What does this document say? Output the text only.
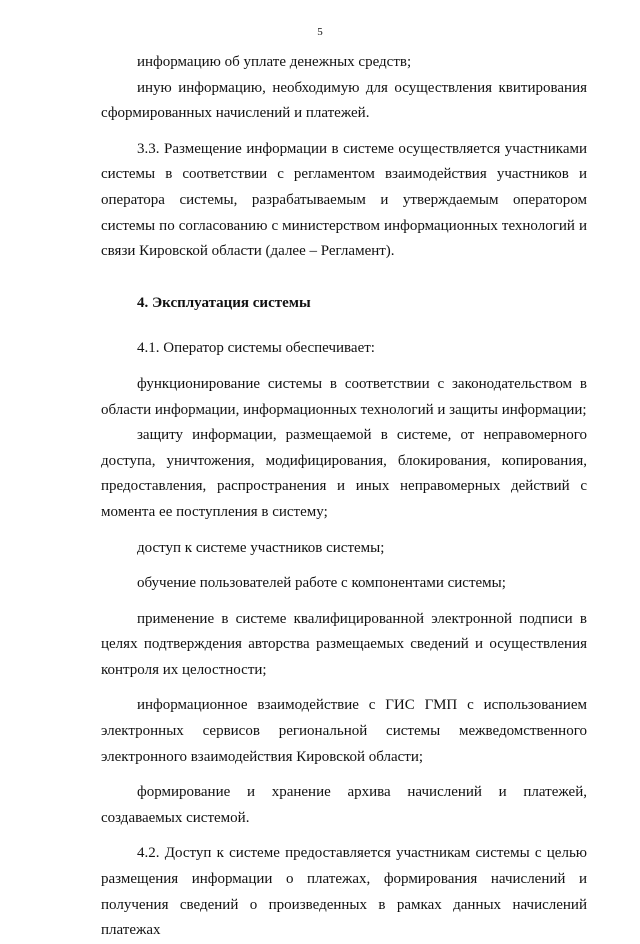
5

информацию об уплате денежных средств;

иную информацию, необходимую для осуществления квитирования сформированных начислений и платежей.

3.3. Размещение информации в системе осуществляется участниками системы в соответствии с регламентом взаимодействия участников и оператора системы, разрабатываемым и утверждаемым оператором системы по согласованию с министерством информационных технологий и связи Кировской области (далее – Регламент).

4. Эксплуатация системы

4.1. Оператор системы обеспечивает:

функционирование системы в соответствии с законодательством в области информации, информационных технологий и защиты информации;

защиту информации, размещаемой в системе, от неправомерного доступа, уничтожения, модифицирования, блокирования, копирования, предоставления, распространения и иных неправомерных действий с момента ее поступления в систему;

доступ к системе участников системы;

обучение пользователей работе с компонентами системы;

применение в системе квалифицированной электронной подписи в целях подтверждения авторства размещаемых сведений и осуществления контроля их целостности;

информационное взаимодействие с ГИС ГМП с использованием электронных сервисов региональной системы межведомственного электронного взаимодействия Кировской области;

формирование и хранение архива начислений и платежей, создаваемых системой.

4.2. Доступ к системе предоставляется участникам системы с целью размещения информации о платежах, формирования начислений и получения сведений о произведенных в рамках данных начислений платежах
